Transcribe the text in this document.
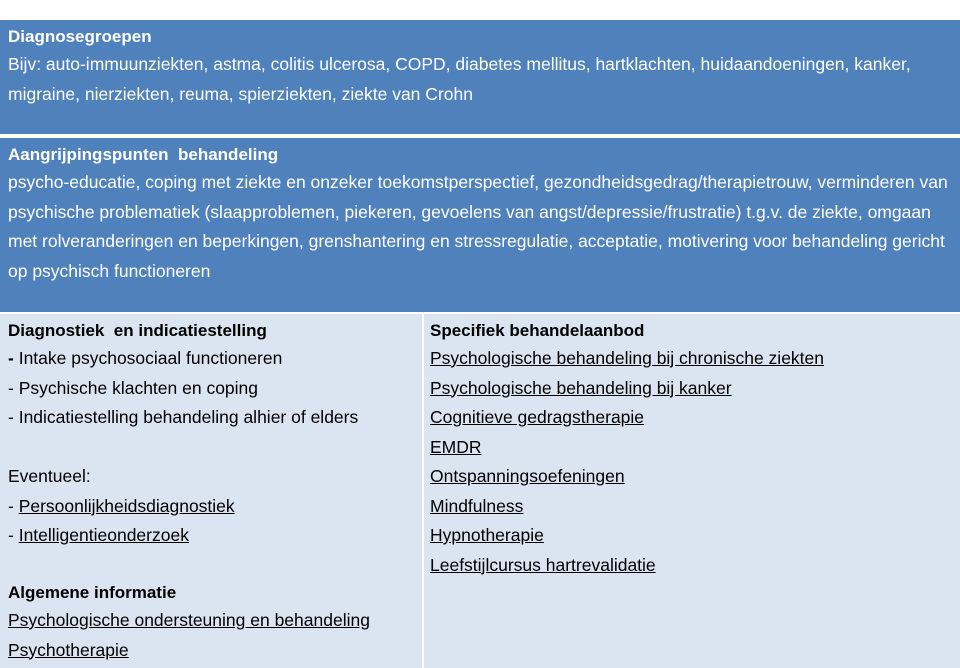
Diagnosegroepen

Bijv: auto-immuunziekten, astma, colitis ulcerosa, COPD, diabetes mellitus, hartklachten, huidaandoeningen, kanker, migraine, nierziekten, reuma, spierziekten, ziekte van Crohn

Aangrijpingspunten  behandeling

psycho-educatie, coping met ziekte en onzeker toekomstperspectief, gezondheidsgedrag/therapietrouw, verminderen van psychische problematiek (slaapproblemen, piekeren, gevoelens van angst/depressie/frustratie) t.g.v. de ziekte, omgaan met rolveranderingen en beperkingen, grenshantering en stressregulatie, acceptatie, motivering voor behandeling gericht op psychisch functioneren

Diagnostiek  en indicatiestelling
- Intake psychosociaal functioneren
- Psychische klachten en coping
- Indicatiestelling behandeling alhier of elders
Eventueel:
- Persoonlijkheidsdiagnostiek
- Intelligentieonderzoek
Algemene informatie
Psychologische ondersteuning en behandeling
Psychotherapie
Specifiek behandelaanbod
Psychologische behandeling bij chronische ziekten
Psychologische behandeling bij kanker
Cognitieve gedragstherapie
EMDR
Ontspanningsoefeningen
Mindfulness
Hypnotherapie
Leefstijlcursus hartrevalidatie
